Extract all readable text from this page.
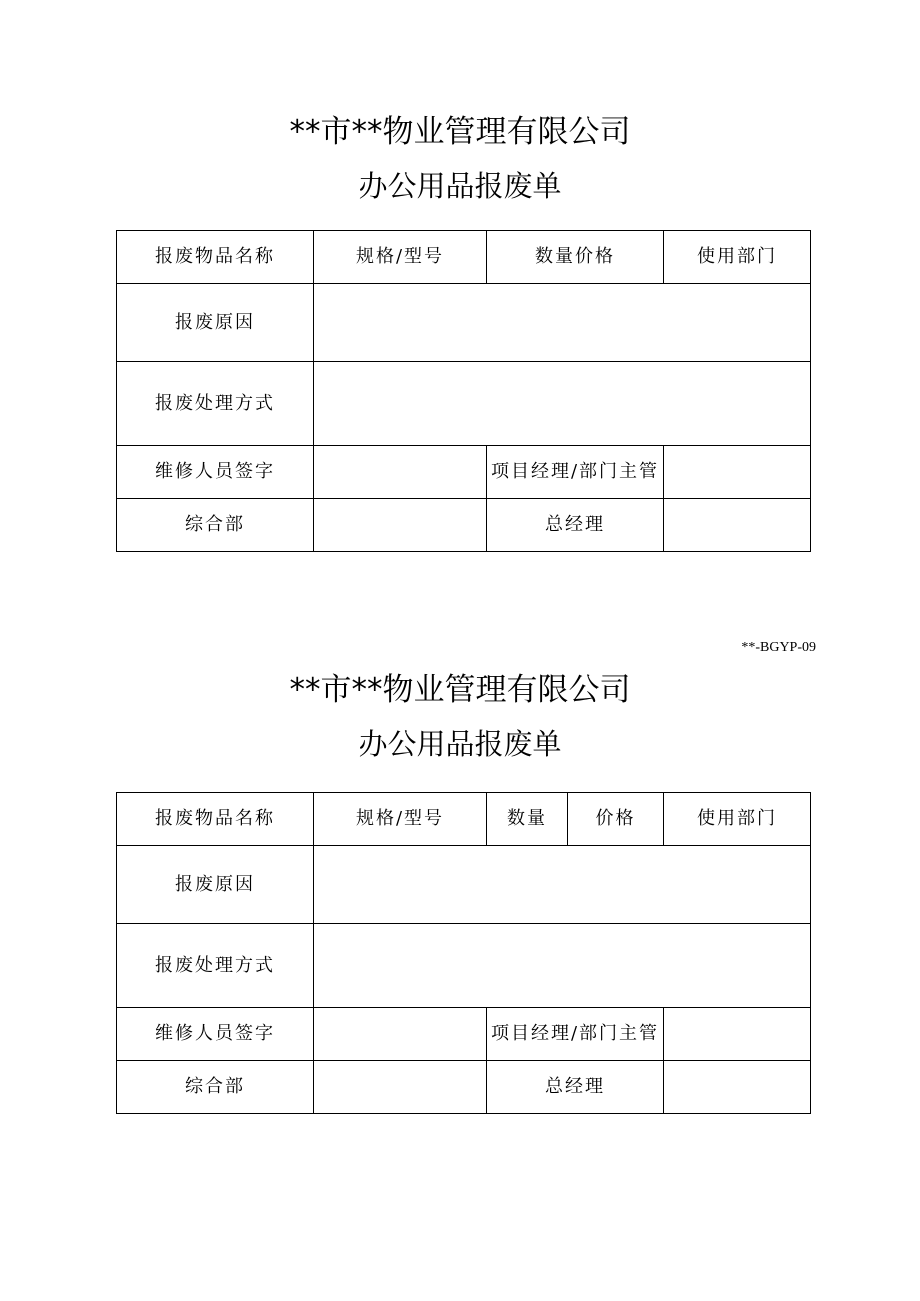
**市**物业管理有限公司
办公用品报废单
报废物品名称	规格/型号	数量价格	使用部门
报废原因			
报废处理方式			
维修人员签字		项目经理/部门主管	
综合部		总经理	
**-BGYP-09
**市**物业管理有限公司
办公用品报废单
报废物品名称	规格/型号	数量	价格	使用部门
报废原因				
报废处理方式				
维修人员签字		项目经理/部门主管		
综合部		总经理		
